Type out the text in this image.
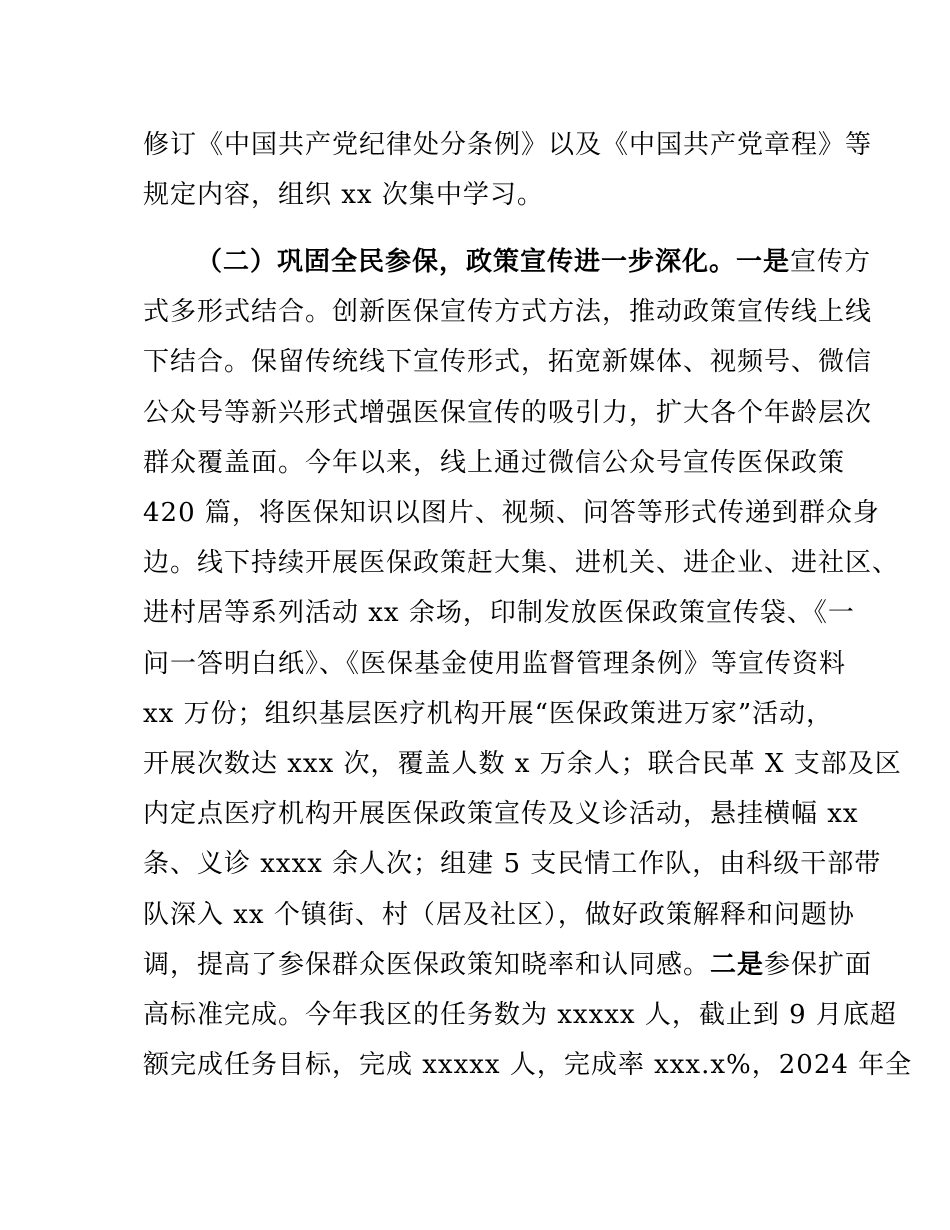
修订《中国共产党纪律处分条例》以及《中国共产党章程》等
规定内容，组织 xx 次集中学习。
（二）巩固全民参保，政策宣传进一步深化。一是宣传方
式多形式结合。创新医保宣传方式方法，推动政策宣传线上线
下结合。保留传统线下宣传形式，拓宽新媒体、视频号、微信
公众号等新兴形式增强医保宣传的吸引力，扩大各个年龄层次
群众覆盖面。今年以来，线上通过微信公众号宣传医保政策
420 篇，将医保知识以图片、视频、问答等形式传递到群众身
边。线下持续开展医保政策赶大集、进机关、进企业、进社区、
进村居等系列活动 xx 余场，印制发放医保政策宣传袋、《一
问一答明白纸》、《医保基金使用监督管理条例》等宣传资料
xx 万份；组织基层医疗机构开展“医保政策进万家”活动，
开展次数达 xxx 次，覆盖人数 x 万余人；联合民革 X 支部及区
内定点医疗机构开展医保政策宣传及义诊活动，悬挂横幅 xx
条、义诊 xxxx 余人次；组建 5 支民情工作队，由科级干部带
队深入 xx 个镇街、村（居及社区），做好政策解释和问题协
调，提高了参保群众医保政策知晓率和认同感。二是参保扩面
高标准完成。今年我区的任务数为 xxxxx 人，截止到 9 月底超
额完成任务目标，完成 xxxxx 人，完成率 xxx.x%，2024 年全
